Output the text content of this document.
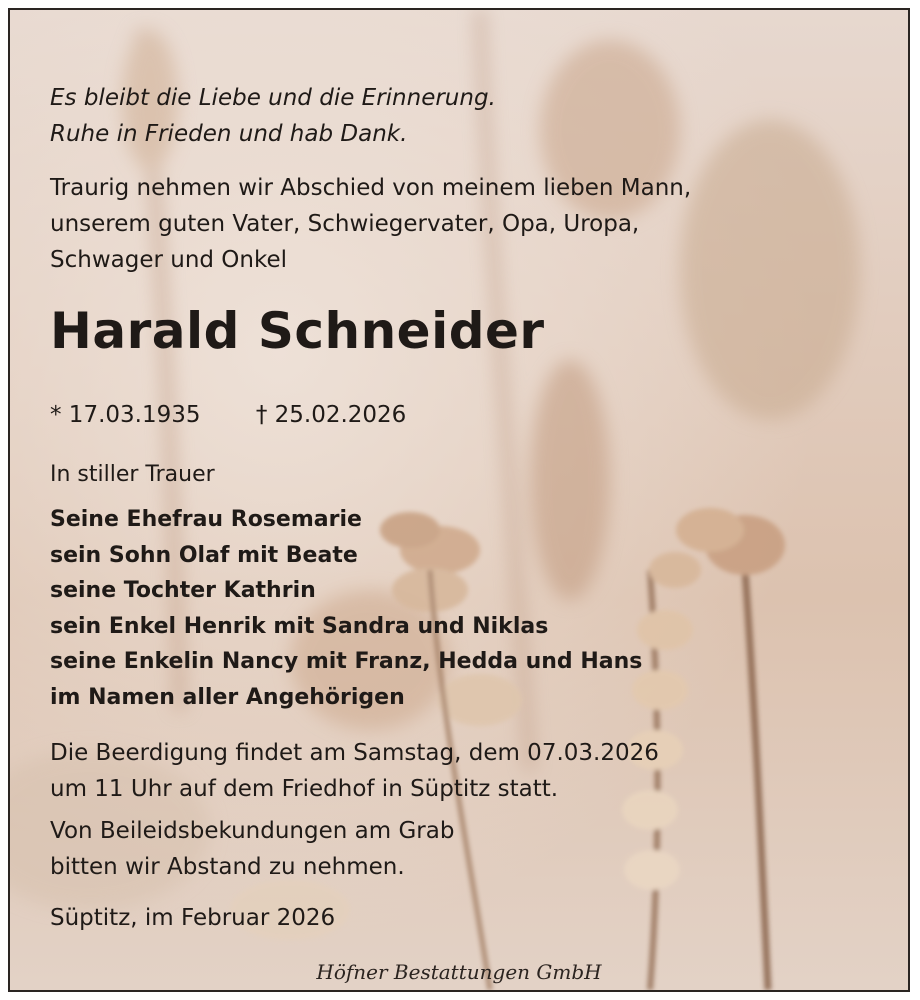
Es bleibt die Liebe und die Erinnerung.
Ruhe in Frieden und hab Dank.
Traurig nehmen wir Abschied von meinem lieben Mann,
unserem guten Vater, Schwiegervater, Opa, Uropa,
Schwager und Onkel
Harald Schneider
* 17.03.1935 † 25.02.2026
In stiller Trauer
Seine Ehefrau Rosemarie
sein Sohn Olaf mit Beate
seine Tochter Kathrin
sein Enkel Henrik mit Sandra und Niklas
seine Enkelin Nancy mit Franz, Hedda und Hans
im Namen aller Angehörigen
Die Beerdigung findet am Samstag, dem 07.03.2026
um 11 Uhr auf dem Friedhof in Süptitz statt.
Von Beileidsbekundungen am Grab
bitten wir Abstand zu nehmen.
Süptitz, im Februar 2026
Höfner Bestattungen GmbH
